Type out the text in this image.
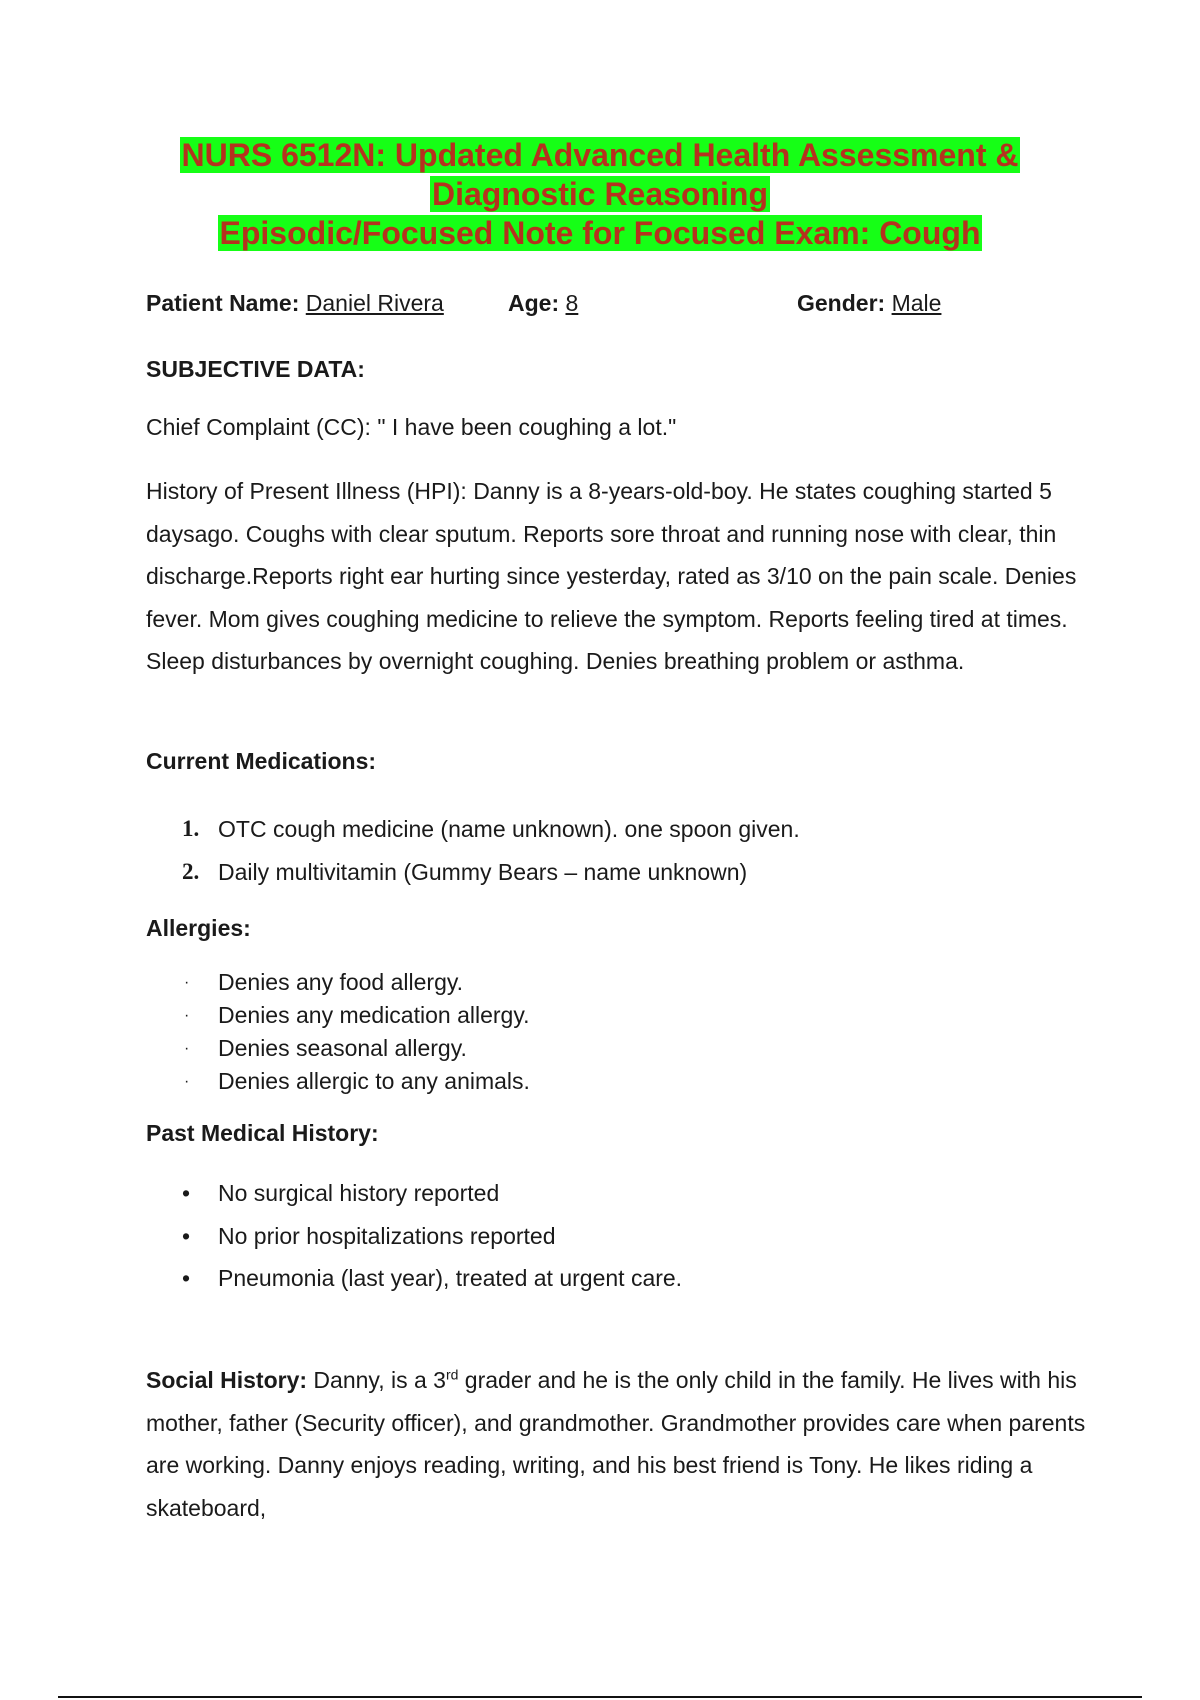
NURS 6512N: Updated Advanced Health Assessment &
Diagnostic Reasoning
Episodic/Focused Note for Focused Exam: Cough
Patient Name: Daniel Rivera	Age: 8	Gender: Male
SUBJECTIVE DATA:
Chief Complaint (CC): " I have been coughing a lot."
History of Present Illness (HPI): Danny is a 8-years-old-boy. He states coughing started 5 daysago. Coughs with clear sputum. Reports sore throat and running nose with clear, thin discharge.Reports right ear hurting since yesterday, rated as 3/10 on the pain scale. Denies fever. Mom gives coughing medicine to relieve the symptom. Reports feeling tired at times. Sleep disturbances by overnight coughing. Denies breathing problem or asthma.
Current Medications:
1. OTC cough medicine (name unknown). one spoon given.
2. Daily multivitamin (Gummy Bears – name unknown)
Allergies:
· Denies any food allergy.
· Denies any medication allergy.
· Denies seasonal allergy.
· Denies allergic to any animals.
Past Medical History:
• No surgical history reported
• No prior hospitalizations reported
• Pneumonia (last year), treated at urgent care.
Social History: Danny, is a 3rd grader and he is the only child in the family. He lives with his mother, father (Security officer), and grandmother. Grandmother provides care when parents are working. Danny enjoys reading, writing, and his best friend is Tony. He likes riding a skateboard,
